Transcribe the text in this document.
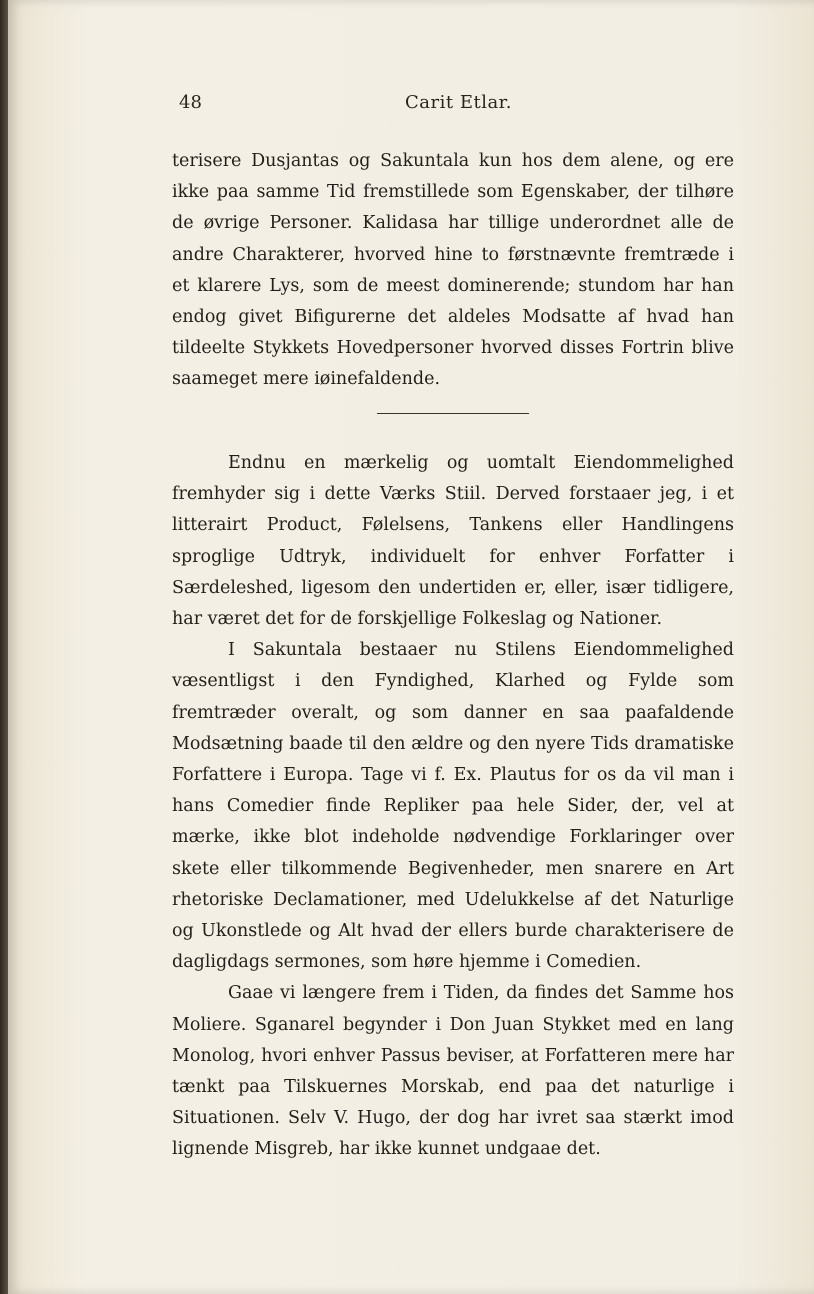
48	Carit Etlar.

terisere Dusjantas og Sakuntala kun hos dem alene, og ere ikke paa samme Tid fremstillede som Egenskaber, der tilhøre de øvrige Personer. Kalidasa har tillige underordnet alle de andre Charakterer, hvorved hine to førstnævnte fremtræde i et klarere Lys, som de meest dominerende; stundom har han endog givet Bifigurerne det aldeles Modsatte af hvad han tildeelte Stykkets Hovedpersoner hvorved disses Fortrin blive saameget mere iøinefaldende.

Endnu en mærkelig og uomtalt Eiendommelighed fremhyder sig i dette Værks Stiil. Derved forstaaer jeg, i et litterairt Product, Følelsens, Tankens eller Handlingens sproglige Udtryk, individuelt for enhver Forfatter i Særdeleshed, ligesom den undertiden er, eller, især tidligere, har været det for de forskjellige Folkeslag og Nationer.

I Sakuntala bestaaer nu Stilens Eiendommelighed væsentligst i den Fyndighed, Klarhed og Fylde som fremtræder overalt, og som danner en saa paafaldende Modsætning baade til den ældre og den nyere Tids dramatiske Forfattere i Europa. Tage vi f. Ex. Plautus for os da vil man i hans Comedier finde Repliker paa hele Sider, der, vel at mærke, ikke blot indeholde nødvendige Forklaringer over skete eller tilkommende Begivenheder, men snarere en Art rhetoriske Declamationer, med Udelukkelse af det Naturlige og Ukonstlede og Alt hvad der ellers burde charakterisere de dagligdags sermones, som høre hjemme i Comedien.

Gaae vi længere frem i Tiden, da findes det Samme hos Moliere. Sganarel begynder i Don Juan Stykket med en lang Monolog, hvori enhver Passus beviser, at Forfatteren mere har tænkt paa Tilskuernes Morskab, end paa det naturlige i Situationen. Selv V. Hugo, der dog har ivret saa stærkt imod lignende Misgreb, har ikke kunnet undgaae det.
